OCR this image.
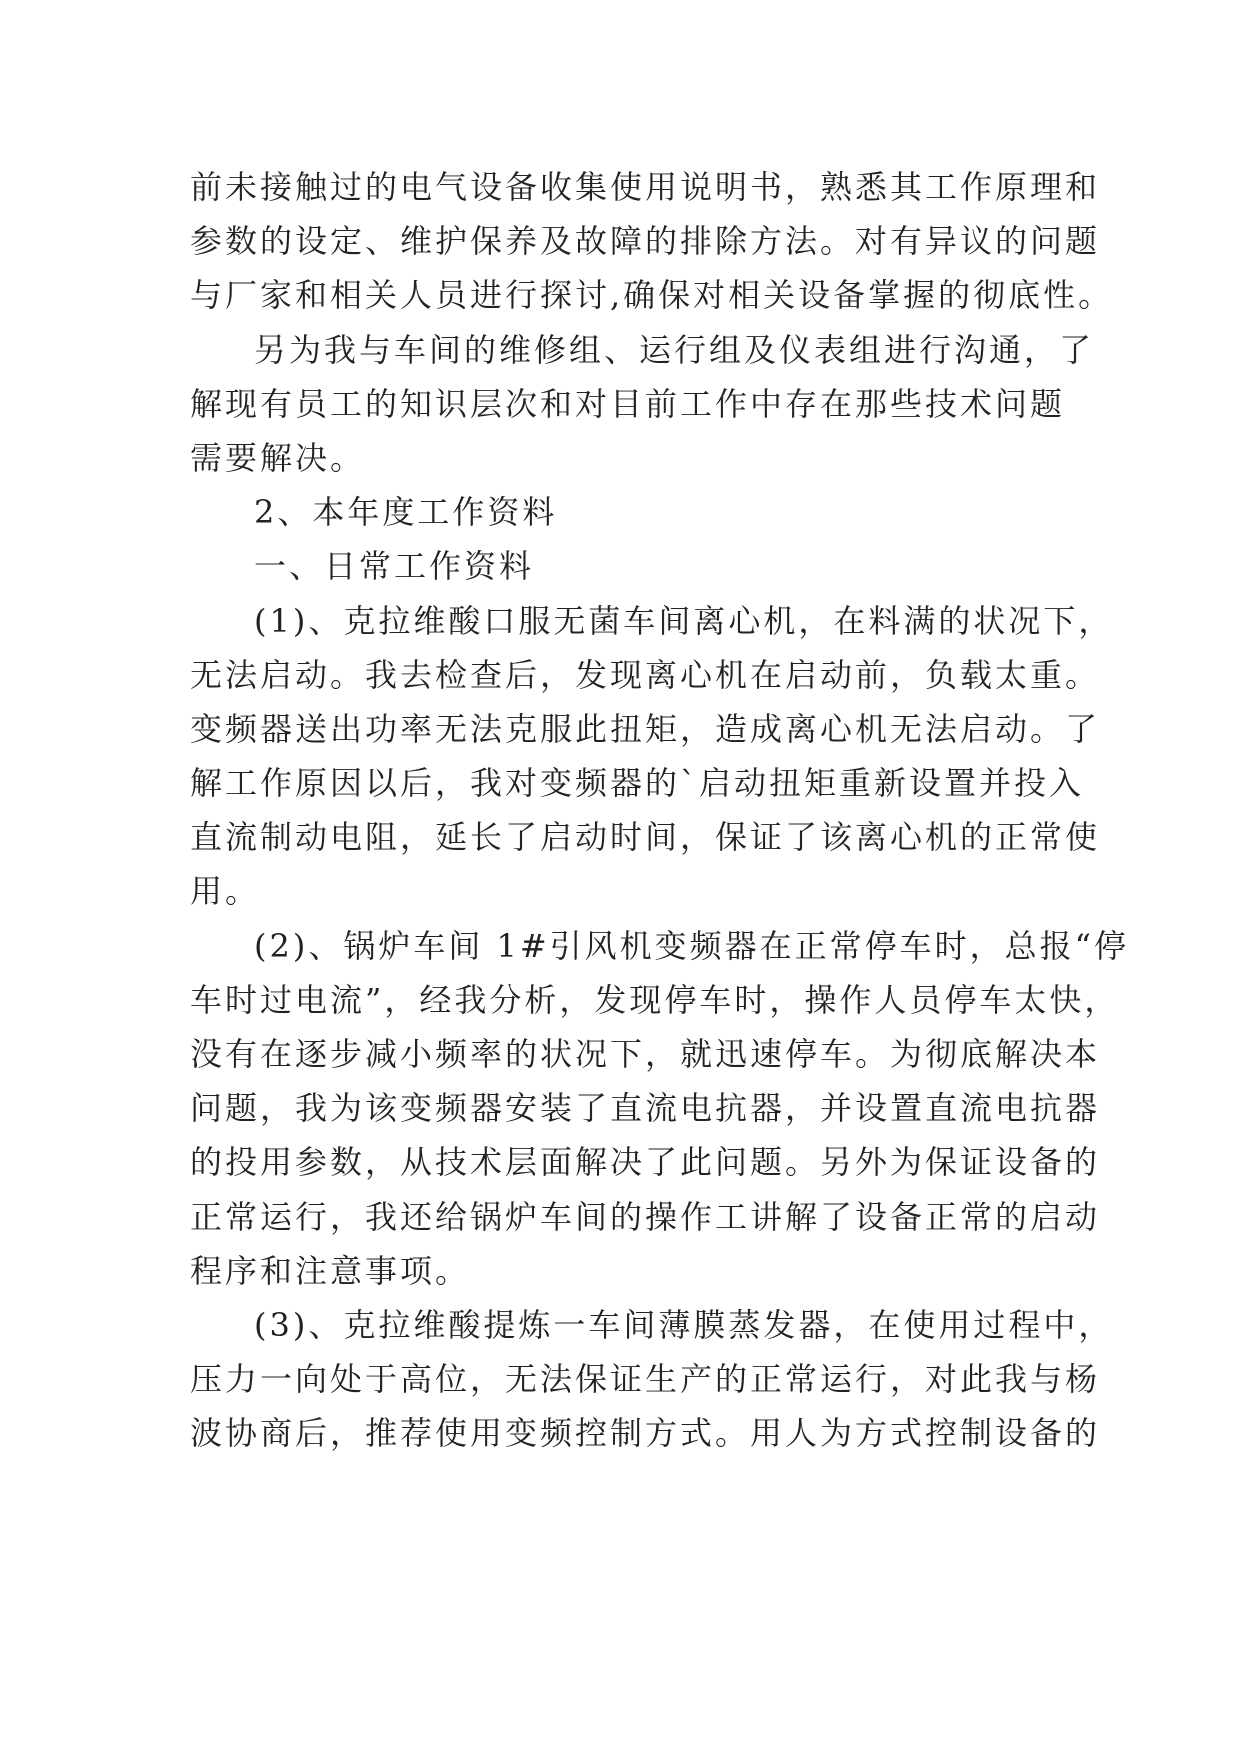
前未接触过的电气设备收集使用说明书，熟悉其工作原理和
参数的设定、维护保养及故障的排除方法。对有异议的问题
与厂家和相关人员进行探讨,确保对相关设备掌握的彻底性。
另为我与车间的维修组、运行组及仪表组进行沟通，了
解现有员工的知识层次和对目前工作中存在那些技术问题
需要解决。
2、本年度工作资料
一、日常工作资料
(1)、克拉维酸口服无菌车间离心机，在料满的状况下，
无法启动。我去检查后，发现离心机在启动前，负载太重。
变频器送出功率无法克服此扭矩，造成离心机无法启动。了
解工作原因以后，我对变频器的`启动扭矩重新设置并投入
直流制动电阻，延长了启动时间，保证了该离心机的正常使
用。
(2)、锅炉车间 1#引风机变频器在正常停车时，总报“停
车时过电流”，经我分析，发现停车时，操作人员停车太快，
没有在逐步减小频率的状况下，就迅速停车。为彻底解决本
问题，我为该变频器安装了直流电抗器，并设置直流电抗器
的投用参数，从技术层面解决了此问题。另外为保证设备的
正常运行，我还给锅炉车间的操作工讲解了设备正常的启动
程序和注意事项。
(3)、克拉维酸提炼一车间薄膜蒸发器，在使用过程中，
压力一向处于高位，无法保证生产的正常运行，对此我与杨
波协商后，推荐使用变频控制方式。用人为方式控制设备的
